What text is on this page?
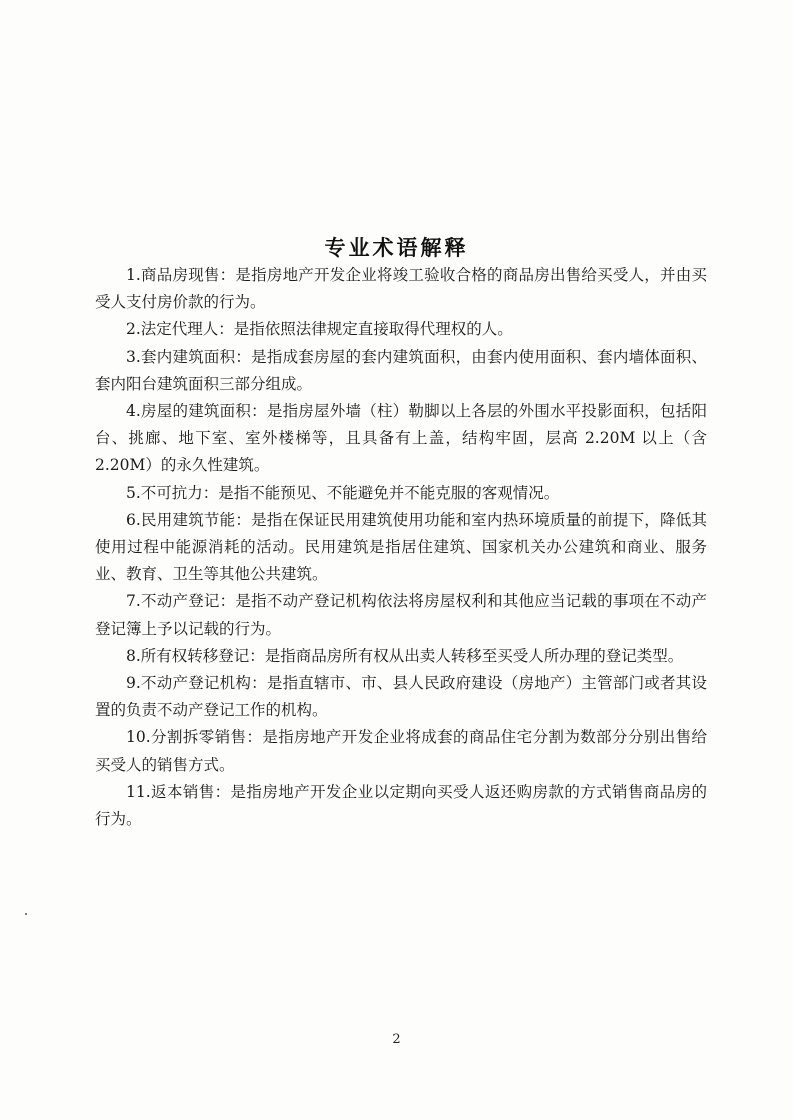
专业术语解释

1.商品房现售：是指房地产开发企业将竣工验收合格的商品房出售给买受人，并由买受人支付房价款的行为。

2.法定代理人：是指依照法律规定直接取得代理权的人。

3.套内建筑面积：是指成套房屋的套内建筑面积，由套内使用面积、套内墙体面积、套内阳台建筑面积三部分组成。

4.房屋的建筑面积：是指房屋外墙（柱）勒脚以上各层的外围水平投影面积，包括阳台、挑廊、地下室、室外楼梯等，且具备有上盖，结构牢固，层高 2.20M 以上（含 2.20M）的永久性建筑。

5.不可抗力：是指不能预见、不能避免并不能克服的客观情况。

6.民用建筑节能：是指在保证民用建筑使用功能和室内热环境质量的前提下，降低其使用过程中能源消耗的活动。民用建筑是指居住建筑、国家机关办公建筑和商业、服务业、教育、卫生等其他公共建筑。

7.不动产登记：是指不动产登记机构依法将房屋权利和其他应当记载的事项在不动产登记簿上予以记载的行为。

8.所有权转移登记：是指商品房所有权从出卖人转移至买受人所办理的登记类型。

9.不动产登记机构：是指直辖市、市、县人民政府建设（房地产）主管部门或者其设置的负责不动产登记工作的机构。

10.分割拆零销售：是指房地产开发企业将成套的商品住宅分割为数部分分别出售给买受人的销售方式。

11.返本销售：是指房地产开发企业以定期向买受人返还购房款的方式销售商品房的行为。

2
